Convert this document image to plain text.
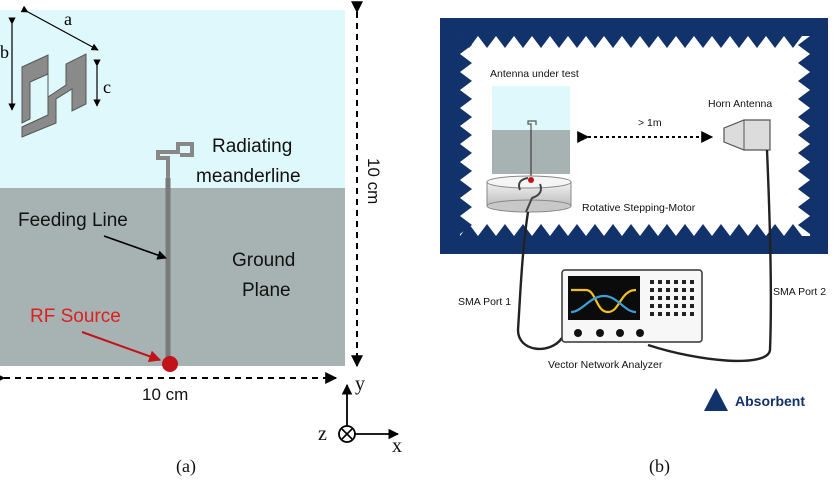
a
b
c
Radiating
meanderline
Feeding Line
Ground
Plane
RF Source
10 cm
10 cm
y
z
x
(a)
Antenna under test
Rotative Stepping-Motor
> 1m
Horn Antenna
Vector Network Analyzer
SMA Port 1
SMA Port 2
Absorbent
(b)
